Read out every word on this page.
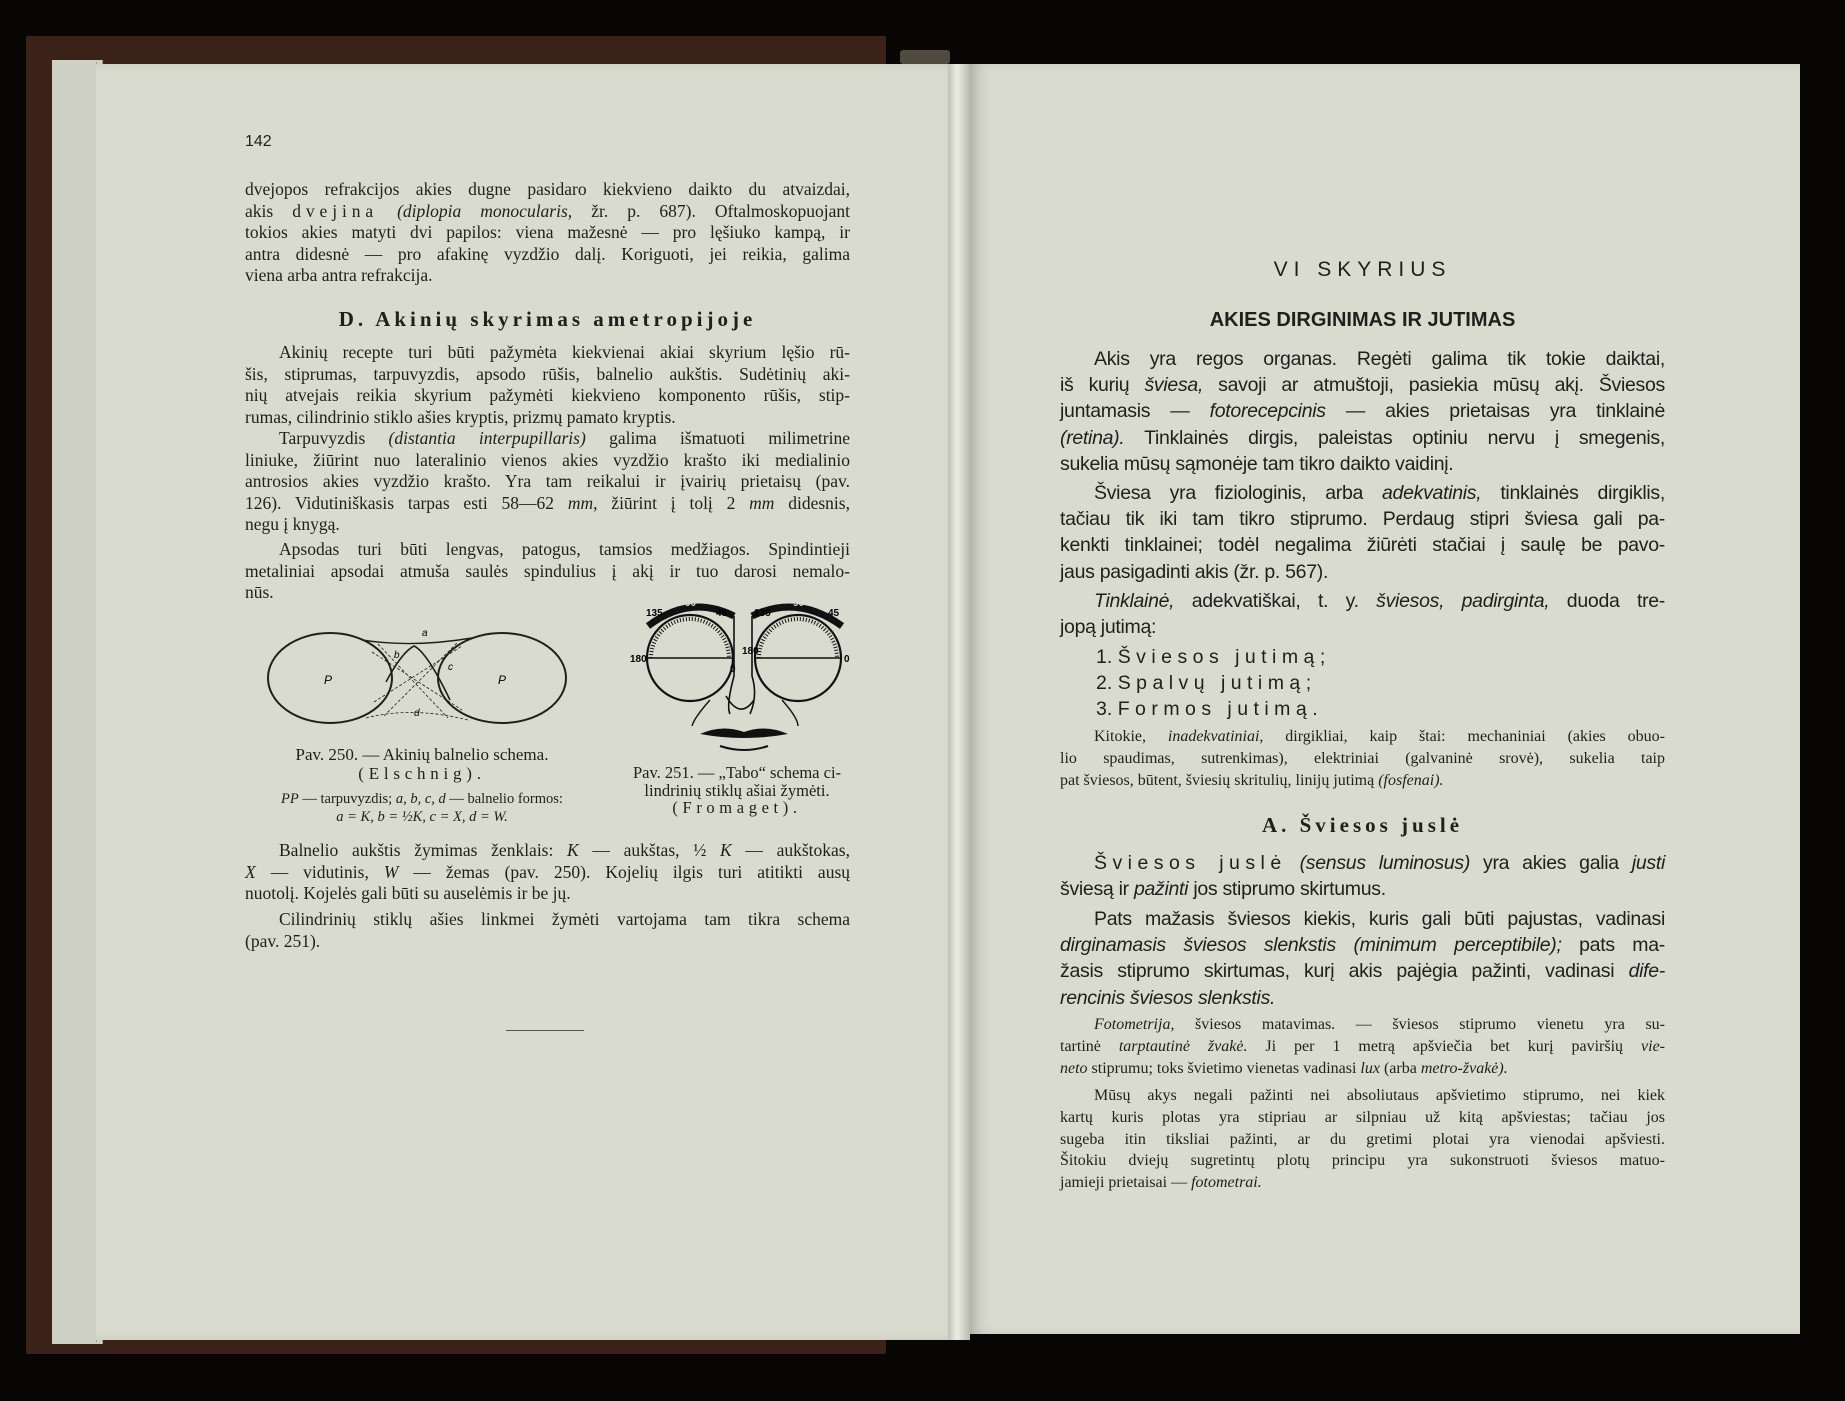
142
dvejopos refrakcijos akies dugne pasidaro kiekvieno daikto du atvaizdai,
akis dvejina (diplopia monocularis, žr. p. 687). Oftalmoskopuojant
tokios akies matyti dvi papilos: viena mažesnė — pro lęšiuko kampą, ir
antra didesnė — pro afakinę vyzdžio dalį. Koriguoti, jei reikia, galima
viena arba antra refrakcija.
D. Akinių skyrimas ametropijoje
Akinių recepte turi būti pažymėta kiekvienai akiai skyrium lęšio rū-
šis, stiprumas, tarpuvyzdis, apsodo rūšis, balnelio aukštis. Sudėtinių aki-
nių atvejais reikia skyrium pažymėti kiekvieno komponento rūšis, stip-
rumas, cilindrinio stiklo ašies kryptis, prizmų pamato kryptis.
Tarpuvyzdis (distantia interpupillaris) galima išmatuoti milimetrine
liniuke, žiūrint nuo lateralinio vienos akies vyzdžio krašto iki medialinio
antrosios akies vyzdžio krašto. Yra tam reikalui ir įvairių prietaisų (pav.
126). Vidutiniškasis tarpas esti 58—62 mm, žiūrint į tolį 2 mm didesnis,
negu į knygą.
Apsodas turi būti lengvas, patogus, tamsios medžiagos. Spindintieji
metaliniai apsodai atmuša saulės spindulius į akį ir tuo darosi nemalo-
nūs.
P	P
a
b
c
d
Pav. 250. — Akinių balnelio schema.
(Elschnig).
PP — tarpuvyzdis; a, b, c, d — balnelio formos:
a = K, b = ½K, c = X, d = W.
135
90
45
180
0
135
90
45
180
0
Pav. 251. — „Tabo“ schema ci-
lindrinių stiklų ašiai žymėti.
(Fromaget).
Balnelio aukštis žymimas ženklais: K — aukštas, ½ K — aukštokas,
X — vidutinis, W — žemas (pav. 250). Kojelių ilgis turi atitikti ausų
nuotolį. Kojelės gali būti su auselėmis ir be jų.
Cilindrinių stiklų ašies linkmei žymėti vartojama tam tikra schema
(pav. 251).
VI SKYRIUS
AKIES DIRGINIMAS IR JUTIMAS
Akis yra regos organas. Regėti galima tik tokie daiktai,
iš kurių šviesa, savoji ar atmuštoji, pasiekia mūsų akį. Šviesos
juntamasis — fotorecepcinis — akies prietaisas yra tinklainė
(retina). Tinklainės dirgis, paleistas optiniu nervu į smegenis,
sukelia mūsų sąmonėje tam tikro daikto vaidinį.
Šviesa yra fiziologinis, arba adekvatinis, tinklainės dirgiklis,
tačiau tik iki tam tikro stiprumo. Perdaug stipri šviesa gali pa-
kenkti tinklainei; todėl negalima žiūrėti stačiai į saulę be pavo-
jaus pasigadinti akis (žr. p. 567).
Tinklainė, adekvatiškai, t. y. šviesos, padirginta, duoda tre-
jopą jutimą:
1. Šviesos jutimą;
2. Spalvų jutimą;
3. Formos jutimą.
Kitokie, inadekvatiniai, dirgikliai, kaip štai: mechaniniai (akies obuo-
lio spaudimas, sutrenkimas), elektriniai (galvaninė srovė), sukelia taip
pat šviesos, būtent, šviesių skritulių, linijų jutimą (fosfenai).
A. Šviesos juslė
Šviesos juslė (sensus luminosus) yra akies galia justi
šviesą ir pažinti jos stiprumo skirtumus.
Pats mažasis šviesos kiekis, kuris gali būti pajustas, vadinasi
dirginamasis šviesos slenkstis (minimum perceptibile); pats ma-
žasis stiprumo skirtumas, kurį akis pajėgia pažinti, vadinasi dife-
rencinis šviesos slenkstis.
Fotometrija, šviesos matavimas. — šviesos stiprumo vienetu yra su-
tartinė tarptautinė žvakė. Ji per 1 metrą apšviečia bet kurį paviršių vie-
neto stiprumu; toks švietimo vienetas vadinasi lux (arba metro-žvakė).
Mūsų akys negali pažinti nei absoliutaus apšvietimo stiprumo, nei kiek
kartų kuris plotas yra stipriau ar silpniau už kitą apšviestas; tačiau jos
sugeba itin tiksliai pažinti, ar du gretimi plotai yra vienodai apšviesti.
Šitokiu dviejų sugretintų plotų principu yra sukonstruoti šviesos matuo-
jamieji prietaisai — fotometrai.
